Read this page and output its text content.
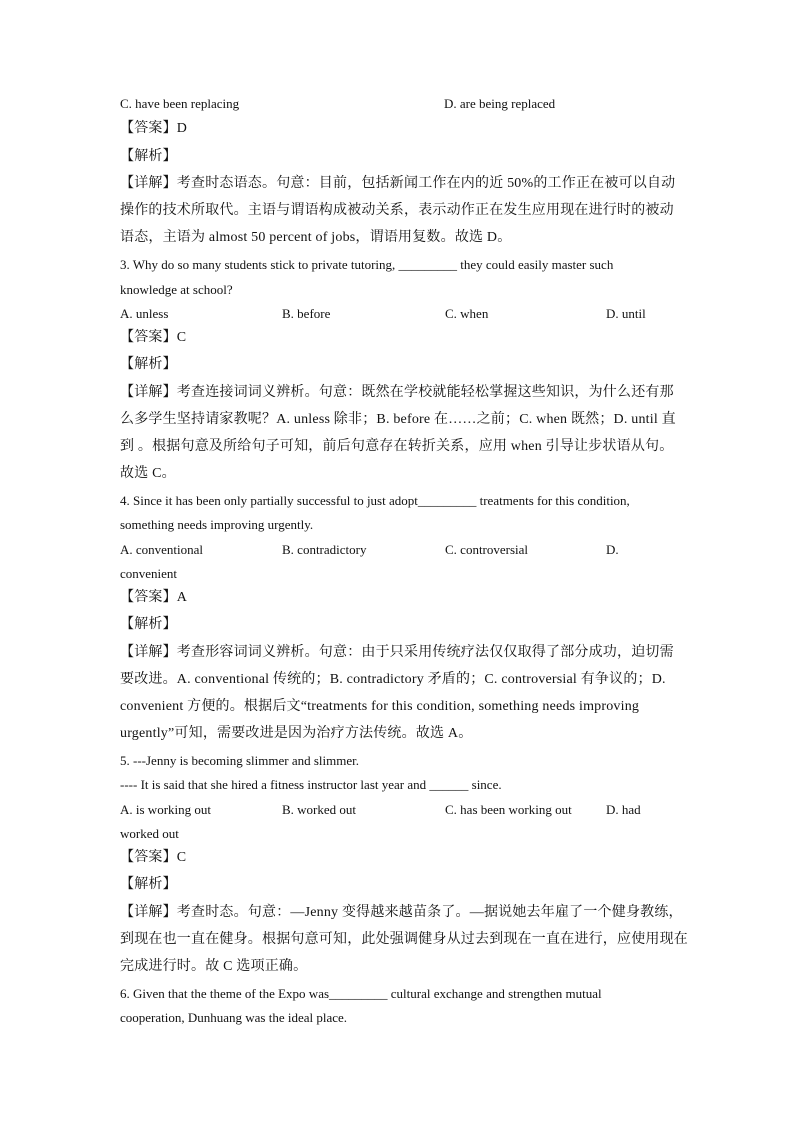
C. have been replacing	D. are being replaced
【答案】D
【解析】
【详解】考查时态语态。句意：目前，包括新闻工作在内的近 50%的工作正在被可以自动
操作的技术所取代。主语与谓语构成被动关系，表示动作正在发生应用现在进行时的被动
语态，主语为 almost 50 percent of jobs，谓语用复数。故选 D。
3. Why do so many students stick to private tutoring, _________ they could easily master such
knowledge at school?
A. unless	B. before	C. when	D. until
【答案】C
【解析】
【详解】考查连接词词义辨析。句意：既然在学校就能轻松掌握这些知识，为什么还有那
么多学生坚持请家教呢？A. unless 除非；B. before 在……之前；C. when 既然；D. until 直
到 。根据句意及所给句子可知，前后句意存在转折关系，应用 when 引导让步状语从句。
故选 C。
4. Since it has been only partially successful to just adopt_________ treatments for this condition,
something needs improving urgently.
A. conventional	B. contradictory	C. controversial	D.
convenient
【答案】A
【解析】
【详解】考查形容词词义辨析。句意：由于只采用传统疗法仅仅取得了部分成功，迫切需
要改进。A. conventional 传统的；B. contradictory 矛盾的；C. controversial 有争议的；D.
convenient 方便的。根据后文“treatments for this condition, something needs improving
urgently”可知，需要改进是因为治疗方法传统。故选 A。
5. ---Jenny is becoming slimmer and slimmer.
---- It is said that she hired a fitness instructor last year and ______ since.
A. is working out	B. worked out	C. has been working out	D. had
worked out
【答案】C
【解析】
【详解】考查时态。句意：—Jenny 变得越来越苗条了。—据说她去年雇了一个健身教练，
到现在也一直在健身。根据句意可知，此处强调健身从过去到现在一直在进行，应使用现在
完成进行时。故 C 选项正确。
6. Given that the theme of the Expo was_________ cultural exchange and strengthen mutual
cooperation, Dunhuang was the ideal place.
